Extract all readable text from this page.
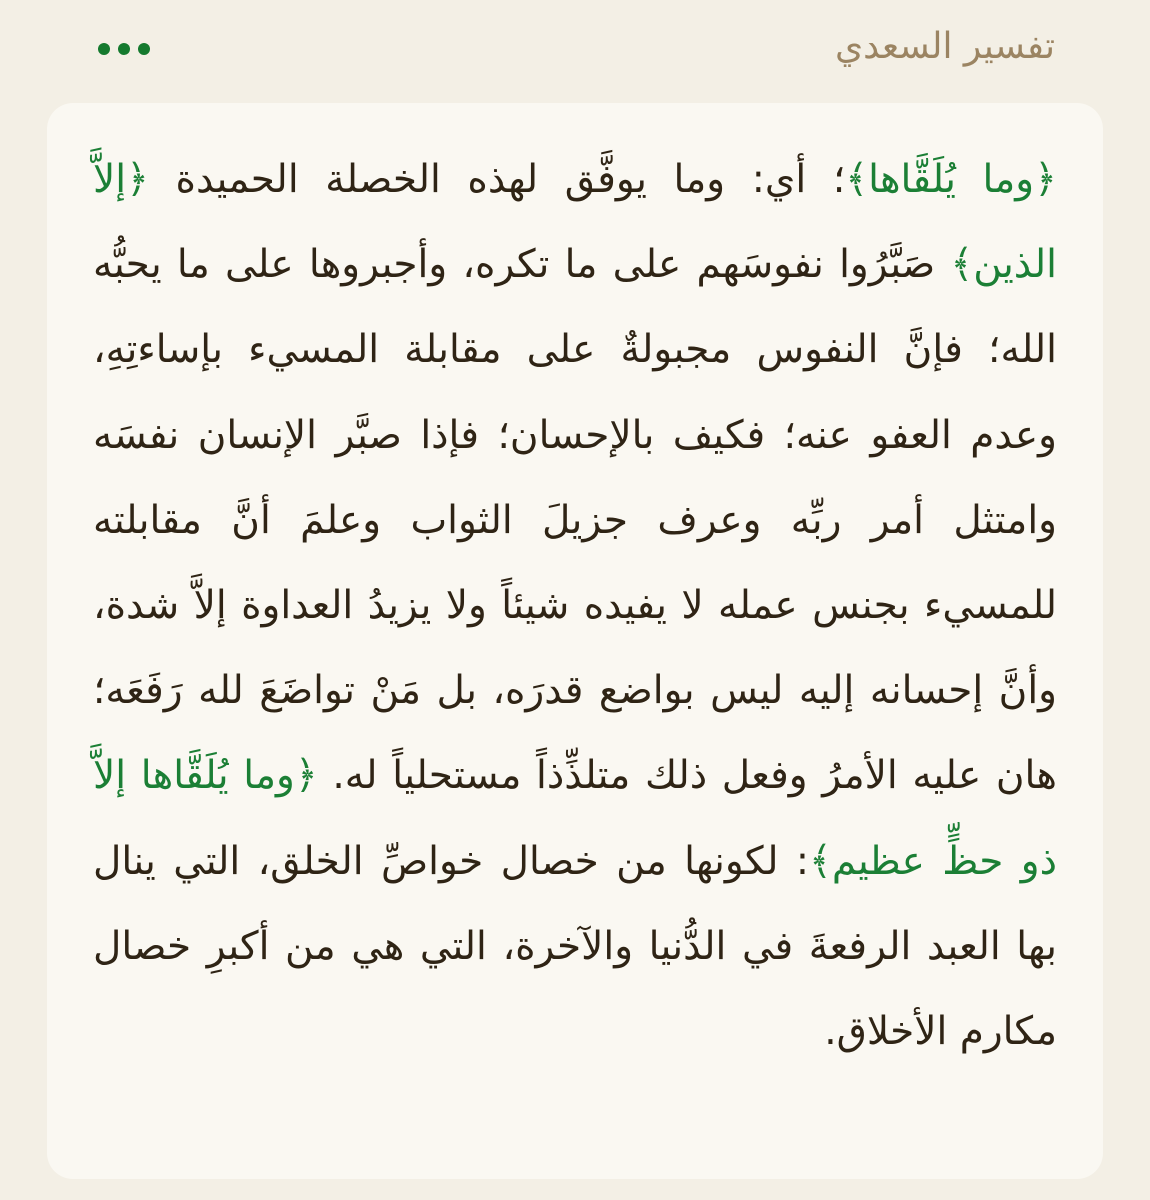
تفسير السعدي

﴿وما يُلَقَّاها﴾؛ أي: وما يوفَّق لهذه الخصلة الحميدة ﴿إلاَّ الذين﴾ صَبَّرُوا نفوسَهم على ما تكره، وأجبروها على ما يحبُّه الله؛ فإنَّ النفوس مجبولةٌ على مقابلة المسيء بإساءتِهِ، وعدم العفو عنه؛ فكيف بالإحسان؛ فإذا صبَّر الإنسان نفسَه وامتثل أمر ربِّه وعرف جزيلَ الثواب وعلمَ أنَّ مقابلته للمسيء بجنس عمله لا يفيده شيئاً ولا يزيدُ العداوة إلاَّ شدة، وأنَّ إحسانه إليه ليس بواضع قدرَه، بل مَنْ تواضَعَ لله رَفَعَه؛ هان عليه الأمرُ وفعل ذلك متلذِّذاً مستحلياً له. ﴿وما يُلَقَّاها إلاَّ ذو حظٍّ عظيم﴾: لكونها من خصال خواصِّ الخلق، التي ينال بها العبد الرفعةَ في الدُّنيا والآخرة، التي هي من أكبرِ خصال مكارم الأخلاق.
